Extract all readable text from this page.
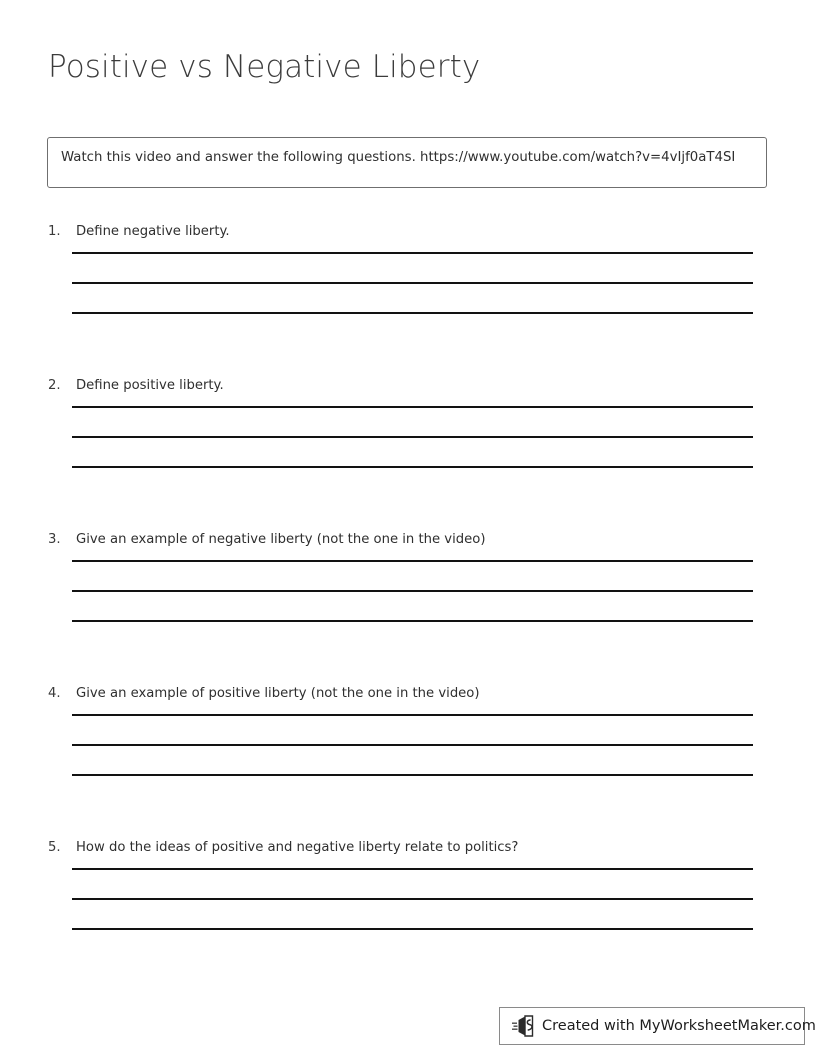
Positive vs Negative Liberty
Watch this video and answer the following questions. https://www.youtube.com/watch?v=4vIjf0aT4SI
1.	Define negative liberty.
2.	Define positive liberty.
3.	Give an example of negative liberty (not the one in the video)
4.	Give an example of positive liberty (not the one in the video)
5.	How do the ideas of positive and negative liberty relate to politics?
Created with MyWorksheetMaker.com
